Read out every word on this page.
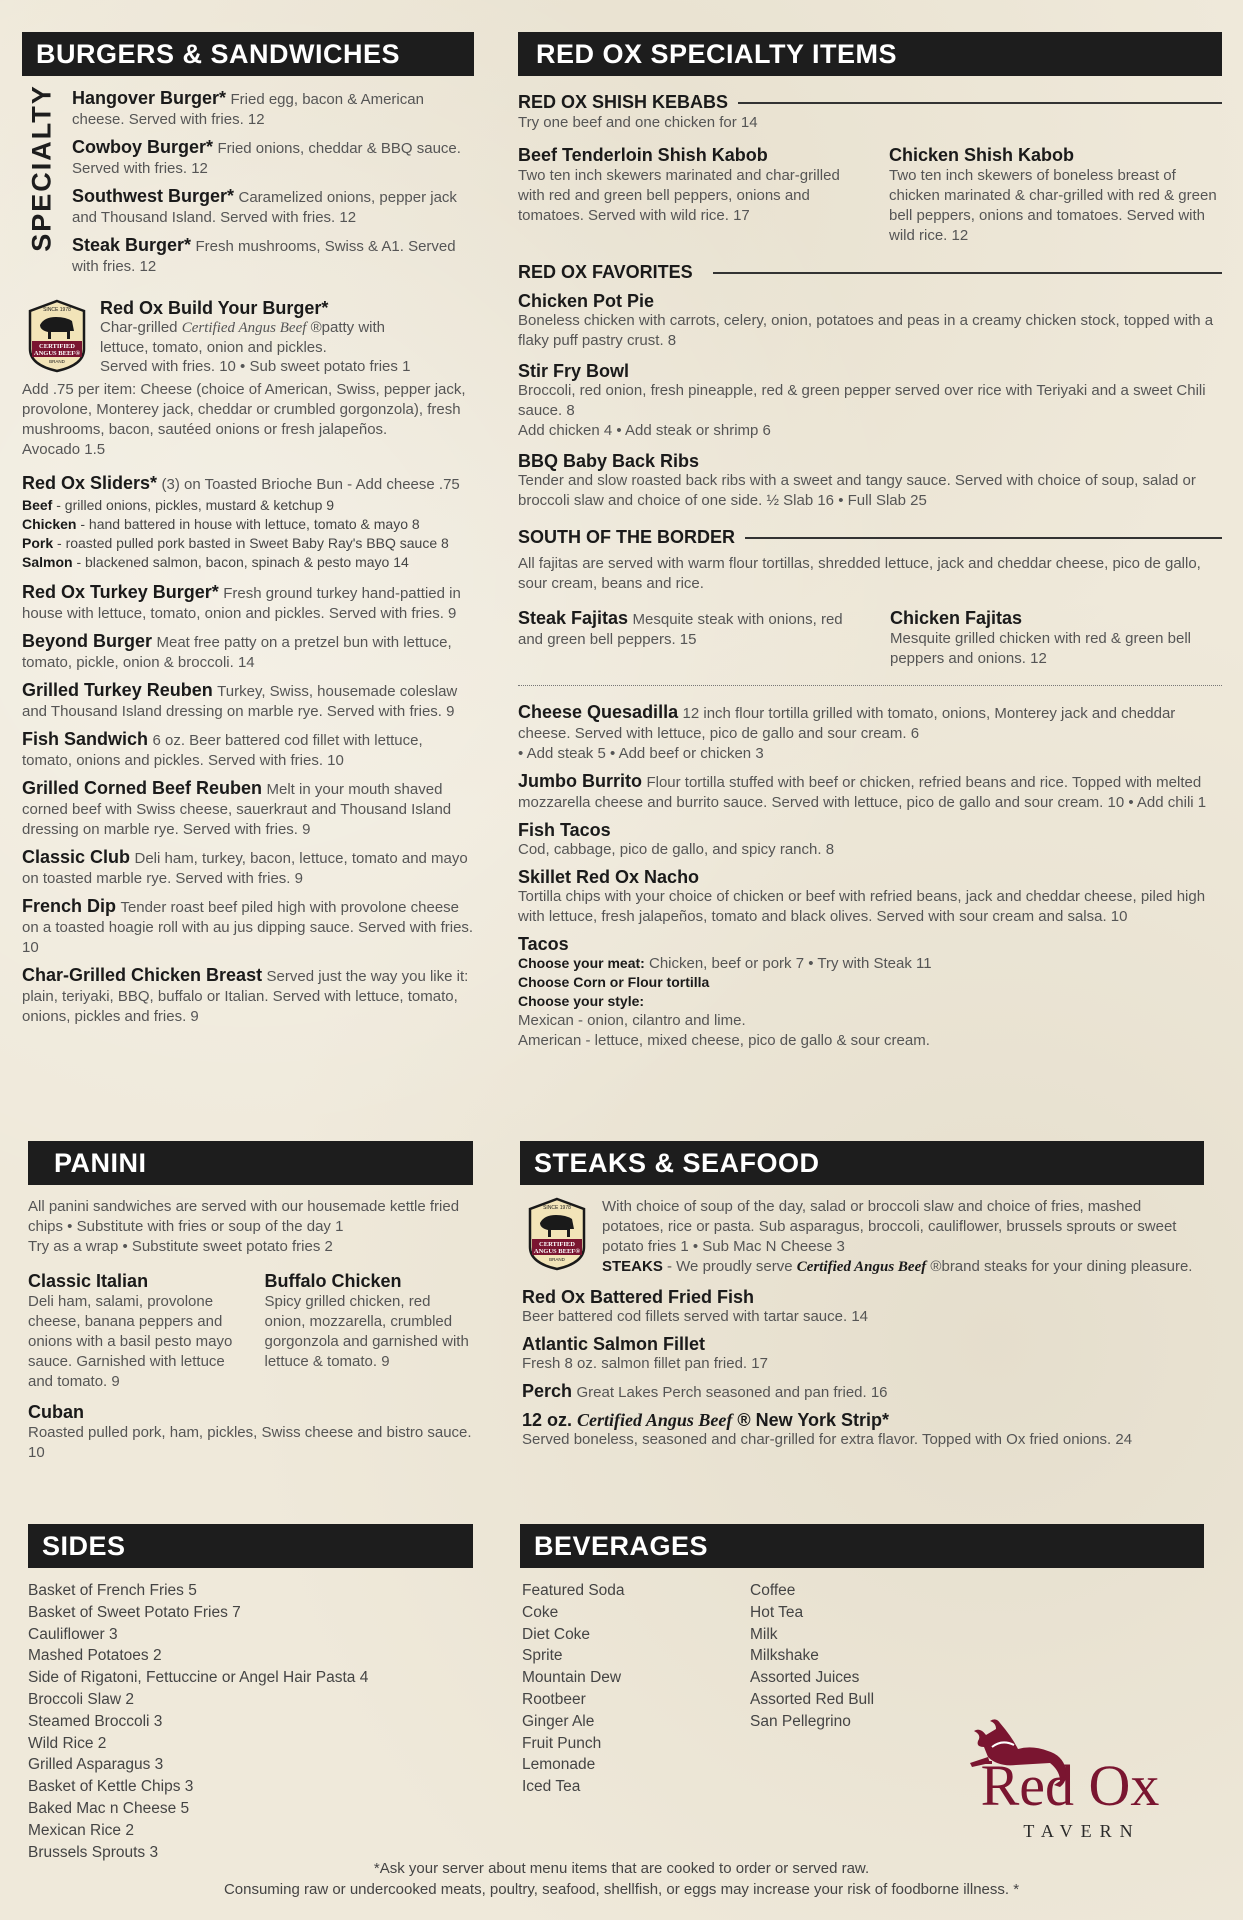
BURGERS & SANDWICHES
SPECIALTY Hangover Burger* Fried egg, bacon & American cheese. Served with fries. 12
Cowboy Burger* Fried onions, cheddar & BBQ sauce. Served with fries. 12
Southwest Burger* Caramelized onions, pepper jack and Thousand Island. Served with fries. 12
Steak Burger* Fresh mushrooms, Swiss & A1. Served with fries. 12
SINCE 1978
CERTIFIED
ANGUS BEEF®
BRAND
Red Ox Build Your Burger*
Char-grilled Certified Angus Beef ®patty with
lettuce, tomato, onion and pickles.
Served with fries. 10 • Sub sweet potato fries 1
Add .75 per item: Cheese (choice of American, Swiss, pepper jack, provolone, Monterey jack, cheddar or crumbled gorgonzola), fresh mushrooms, bacon, sautéed onions or fresh jalapeños.
Avocado 1.5
Red Ox Sliders* (3) on Toasted Brioche Bun - Add cheese .75
Beef - grilled onions, pickles, mustard & ketchup 9
Chicken - hand battered in house with lettuce, tomato & mayo 8
Pork - roasted pulled pork basted in Sweet Baby Ray's BBQ sauce 8
Salmon - blackened salmon, bacon, spinach & pesto mayo 14
Red Ox Turkey Burger* Fresh ground turkey hand-pattied in house with lettuce, tomato, onion and pickles. Served with fries. 9
Beyond Burger Meat free patty on a pretzel bun with lettuce, tomato, pickle, onion & broccoli. 14
Grilled Turkey Reuben Turkey, Swiss, housemade coleslaw and Thousand Island dressing on marble rye. Served with fries. 9
Fish Sandwich 6 oz. Beer battered cod fillet with lettuce, tomato, onions and pickles. Served with fries. 10
Grilled Corned Beef Reuben Melt in your mouth shaved corned beef with Swiss cheese, sauerkraut and Thousand Island dressing on marble rye. Served with fries. 9
Classic Club Deli ham, turkey, bacon, lettuce, tomato and mayo on toasted marble rye. Served with fries. 9
French Dip Tender roast beef piled high with provolone cheese on a toasted hoagie roll with au jus dipping sauce. Served with fries. 10
Char-Grilled Chicken Breast Served just the way you like it: plain, teriyaki, BBQ, buffalo or Italian. Served with lettuce, tomato, onions, pickles and fries. 9
PANINI
All panini sandwiches are served with our housemade kettle fried chips • Substitute with fries or soup of the day 1
Try as a wrap • Substitute sweet potato fries 2
Classic Italian
Deli ham, salami, provolone cheese, banana peppers and onions with a basil pesto mayo sauce. Garnished with lettuce and tomato. 9
Buffalo Chicken
Spicy grilled chicken, red onion, mozzarella, crumbled gorgonzola and garnished with lettuce & tomato. 9
Cuban
Roasted pulled pork, ham, pickles, Swiss cheese and bistro sauce. 10
SIDES
Basket of French Fries 5
Basket of Sweet Potato Fries 7
Cauliflower 3
Mashed Potatoes 2
Side of Rigatoni, Fettuccine or Angel Hair Pasta 4
Broccoli Slaw 2
Steamed Broccoli 3
Wild Rice 2
Grilled Asparagus 3
Basket of Kettle Chips 3
Baked Mac n Cheese 5
Mexican Rice 2
Brussels Sprouts 3
RED OX SPECIALTY ITEMS
RED OX SHISH KEBABS
Try one beef and one chicken for 14
Beef Tenderloin Shish Kabob
Two ten inch skewers marinated and char-grilled with red and green bell peppers, onions and tomatoes. Served with wild rice. 17
Chicken Shish Kabob
Two ten inch skewers of boneless breast of chicken marinated & char-grilled with red & green bell peppers, onions and tomatoes. Served with wild rice. 12
RED OX FAVORITES
Chicken Pot Pie
Boneless chicken with carrots, celery, onion, potatoes and peas in a creamy chicken stock, topped with a flaky puff pastry crust. 8
Stir Fry Bowl
Broccoli, red onion, fresh pineapple, red & green pepper served over rice with Teriyaki and a sweet Chili sauce. 8
Add chicken 4 • Add steak or shrimp 6
BBQ Baby Back Ribs
Tender and slow roasted back ribs with a sweet and tangy sauce. Served with choice of soup, salad or broccoli slaw and choice of one side. ½ Slab 16 • Full Slab 25
SOUTH OF THE BORDER
All fajitas are served with warm flour tortillas, shredded lettuce, jack and cheddar cheese, pico de gallo, sour cream, beans and rice.
Steak Fajitas Mesquite steak with onions, red and green bell peppers. 15
Chicken Fajitas
Mesquite grilled chicken with red & green bell peppers and onions. 12
Cheese Quesadilla 12 inch flour tortilla grilled with tomato, onions, Monterey jack and cheddar cheese. Served with lettuce, pico de gallo and sour cream. 6
• Add steak 5 • Add beef or chicken 3
Jumbo Burrito Flour tortilla stuffed with beef or chicken, refried beans and rice. Topped with melted mozzarella cheese and burrito sauce. Served with lettuce, pico de gallo and sour cream. 10 • Add chili 1
Fish Tacos
Cod, cabbage, pico de gallo, and spicy ranch. 8
Skillet Red Ox Nacho
Tortilla chips with your choice of chicken or beef with refried beans, jack and cheddar cheese, piled high with lettuce, fresh jalapeños, tomato and black olives. Served with sour cream and salsa. 10
Tacos
Choose your meat: Chicken, beef or pork 7 • Try with Steak 11
Choose Corn or Flour tortilla
Choose your style:
Mexican - onion, cilantro and lime.
American - lettuce, mixed cheese, pico de gallo & sour cream.
STEAKS & SEAFOOD
SINCE 1978
CERTIFIED
ANGUS BEEF®
BRAND
With choice of soup of the day, salad or broccoli slaw and choice of fries, mashed potatoes, rice or pasta. Sub asparagus, broccoli, cauliflower, brussels sprouts or sweet potato fries 1 • Sub Mac N Cheese 3
STEAKS - We proudly serve Certified Angus Beef ®brand steaks for your dining pleasure.
Red Ox Battered Fried Fish
Beer battered cod fillets served with tartar sauce. 14
Atlantic Salmon Fillet
Fresh 8 oz. salmon fillet pan fried. 17
Perch Great Lakes Perch seasoned and pan fried. 16
12 oz. Certified Angus Beef ® New York Strip*
Served boneless, seasoned and char-grilled for extra flavor. Topped with Ox fried onions. 24
BEVERAGES
Featured Soda
Coke
Diet Coke
Sprite
Mountain Dew
Rootbeer
Ginger Ale
Fruit Punch
Lemonade
Iced Tea
Coffee
Hot Tea
Milk
Milkshake
Assorted Juices
Assorted Red Bull
San Pellegrino
Red Ox
TAVERN
*Ask your server about menu items that are cooked to order or served raw.
Consuming raw or undercooked meats, poultry, seafood, shellfish, or eggs may increase your risk of foodborne illness. *
